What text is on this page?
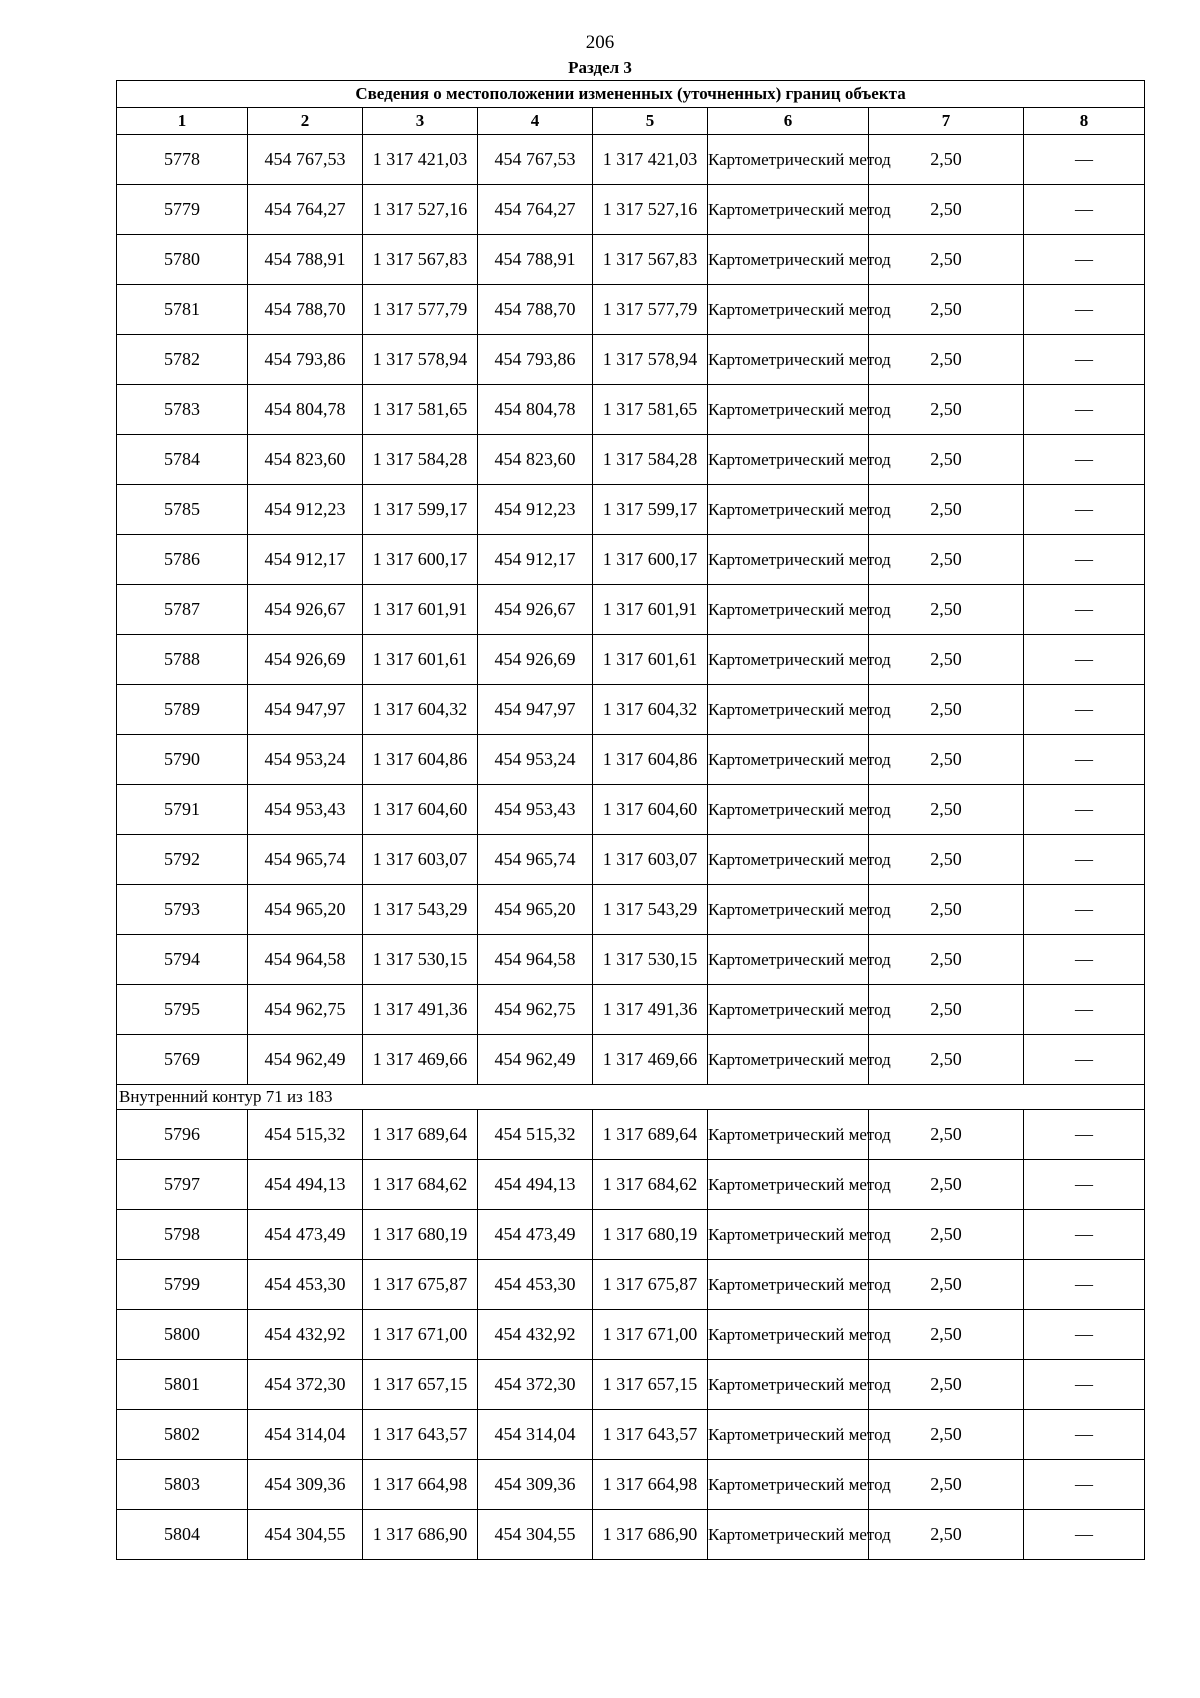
206
Раздел 3
Сведения о местоположении измененных (уточненных) границ объекта							
1	2	3	4	5	6	7	8
5778	454 767,53	1 317 421,03	454 767,53	1 317 421,03	Картометрический метод	2,50	—
5779	454 764,27	1 317 527,16	454 764,27	1 317 527,16	Картометрический метод	2,50	—
5780	454 788,91	1 317 567,83	454 788,91	1 317 567,83	Картометрический метод	2,50	—
5781	454 788,70	1 317 577,79	454 788,70	1 317 577,79	Картометрический метод	2,50	—
5782	454 793,86	1 317 578,94	454 793,86	1 317 578,94	Картометрический метод	2,50	—
5783	454 804,78	1 317 581,65	454 804,78	1 317 581,65	Картометрический метод	2,50	—
5784	454 823,60	1 317 584,28	454 823,60	1 317 584,28	Картометрический метод	2,50	—
5785	454 912,23	1 317 599,17	454 912,23	1 317 599,17	Картометрический метод	2,50	—
5786	454 912,17	1 317 600,17	454 912,17	1 317 600,17	Картометрический метод	2,50	—
5787	454 926,67	1 317 601,91	454 926,67	1 317 601,91	Картометрический метод	2,50	—
5788	454 926,69	1 317 601,61	454 926,69	1 317 601,61	Картометрический метод	2,50	—
5789	454 947,97	1 317 604,32	454 947,97	1 317 604,32	Картометрический метод	2,50	—
5790	454 953,24	1 317 604,86	454 953,24	1 317 604,86	Картометрический метод	2,50	—
5791	454 953,43	1 317 604,60	454 953,43	1 317 604,60	Картометрический метод	2,50	—
5792	454 965,74	1 317 603,07	454 965,74	1 317 603,07	Картометрический метод	2,50	—
5793	454 965,20	1 317 543,29	454 965,20	1 317 543,29	Картометрический метод	2,50	—
5794	454 964,58	1 317 530,15	454 964,58	1 317 530,15	Картометрический метод	2,50	—
5795	454 962,75	1 317 491,36	454 962,75	1 317 491,36	Картометрический метод	2,50	—
5769	454 962,49	1 317 469,66	454 962,49	1 317 469,66	Картометрический метод	2,50	—
Внутренний контур 71 из 183							
5796	454 515,32	1 317 689,64	454 515,32	1 317 689,64	Картометрический метод	2,50	—
5797	454 494,13	1 317 684,62	454 494,13	1 317 684,62	Картометрический метод	2,50	—
5798	454 473,49	1 317 680,19	454 473,49	1 317 680,19	Картометрический метод	2,50	—
5799	454 453,30	1 317 675,87	454 453,30	1 317 675,87	Картометрический метод	2,50	—
5800	454 432,92	1 317 671,00	454 432,92	1 317 671,00	Картометрический метод	2,50	—
5801	454 372,30	1 317 657,15	454 372,30	1 317 657,15	Картометрический метод	2,50	—
5802	454 314,04	1 317 643,57	454 314,04	1 317 643,57	Картометрический метод	2,50	—
5803	454 309,36	1 317 664,98	454 309,36	1 317 664,98	Картометрический метод	2,50	—
5804	454 304,55	1 317 686,90	454 304,55	1 317 686,90	Картометрический метод	2,50	—
